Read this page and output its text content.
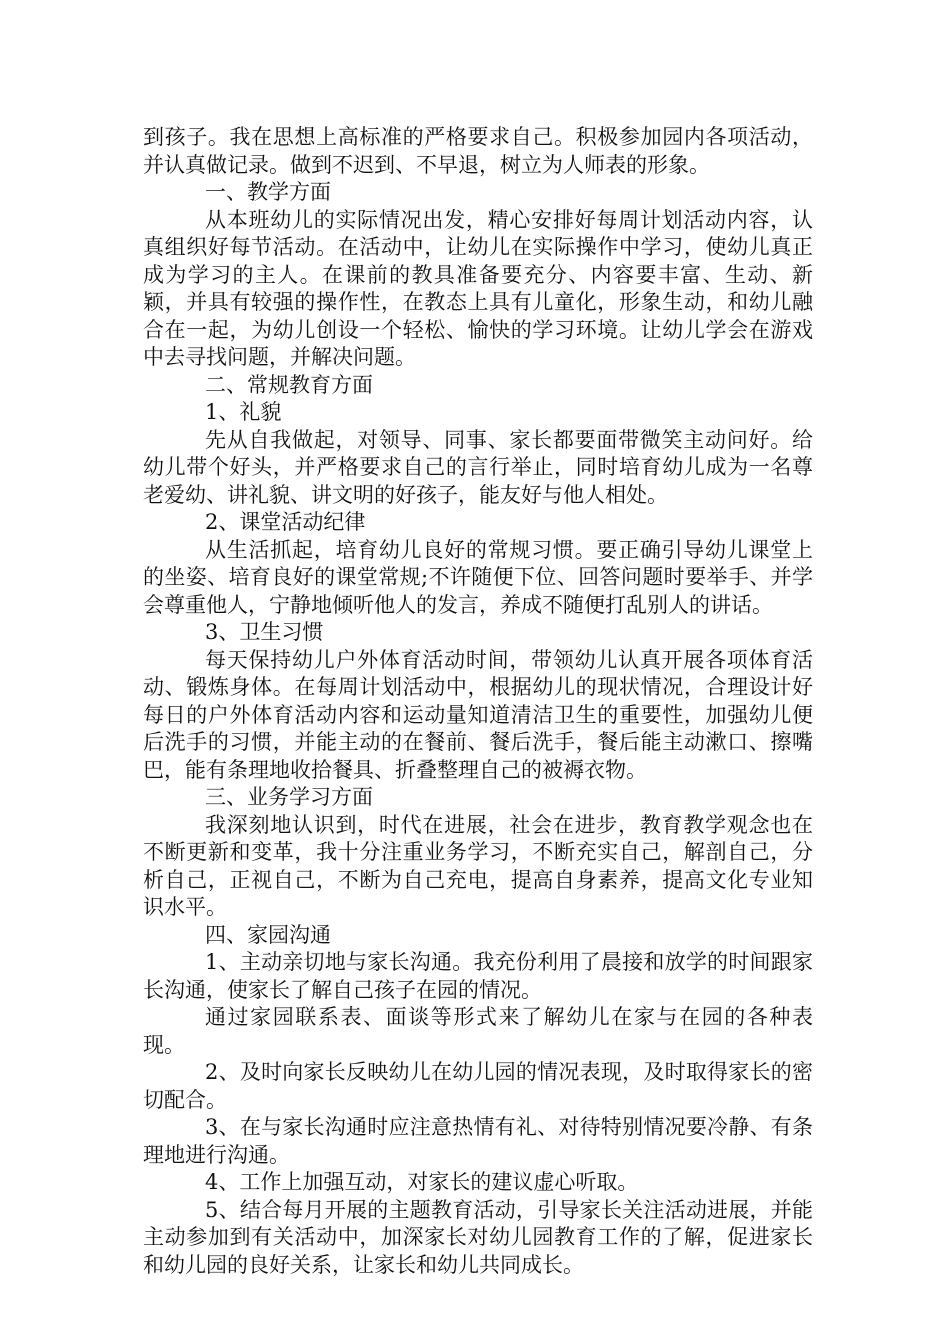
到孩子。我在思想上高标准的严格要求自己。积极参加园内各项活动，并认真做记录。做到不迟到、不早退，树立为人师表的形象。

一、教学方面

从本班幼儿的实际情况出发，精心安排好每周计划活动内容，认真组织好每节活动。在活动中，让幼儿在实际操作中学习，使幼儿真正成为学习的主人。在课前的教具准备要充分、内容要丰富、生动、新颖，并具有较强的操作性，在教态上具有儿童化，形象生动，和幼儿融合在一起，为幼儿创设一个轻松、愉快的学习环境。让幼儿学会在游戏中去寻找问题，并解决问题。

二、常规教育方面

1、礼貌

先从自我做起，对领导、同事、家长都要面带微笑主动问好。给幼儿带个好头，并严格要求自己的言行举止，同时培育幼儿成为一名尊老爱幼、讲礼貌、讲文明的好孩子，能友好与他人相处。

2、课堂活动纪律

从生活抓起，培育幼儿良好的常规习惯。要正确引导幼儿课堂上的坐姿、培育良好的课堂常规;不许随便下位、回答问题时要举手、并学会尊重他人，宁静地倾听他人的发言，养成不随便打乱别人的讲话。

3、卫生习惯

每天保持幼儿户外体育活动时间，带领幼儿认真开展各项体育活动、锻炼身体。在每周计划活动中，根据幼儿的现状情况，合理设计好每日的户外体育活动内容和运动量知道清洁卫生的重要性，加强幼儿便后洗手的习惯，并能主动的在餐前、餐后洗手，餐后能主动漱口、擦嘴巴，能有条理地收拾餐具、折叠整理自己的被褥衣物。

三、业务学习方面

我深刻地认识到，时代在进展，社会在进步，教育教学观念也在不断更新和变革，我十分注重业务学习，不断充实自己，解剖自己，分析自己，正视自己，不断为自己充电，提高自身素养，提高文化专业知识水平。

四、家园沟通

1、主动亲切地与家长沟通。我充份利用了晨接和放学的时间跟家长沟通，使家长了解自己孩子在园的情况。

通过家园联系表、面谈等形式来了解幼儿在家与在园的各种表现。

2、及时向家长反映幼儿在幼儿园的情况表现，及时取得家长的密切配合。

3、在与家长沟通时应注意热情有礼、对待特别情况要冷静、有条理地进行沟通。

4、工作上加强互动，对家长的建议虚心听取。

5、结合每月开展的主题教育活动，引导家长关注活动进展，并能主动参加到有关活动中，加深家长对幼儿园教育工作的了解，促进家长和幼儿园的良好关系，让家长和幼儿共同成长。
